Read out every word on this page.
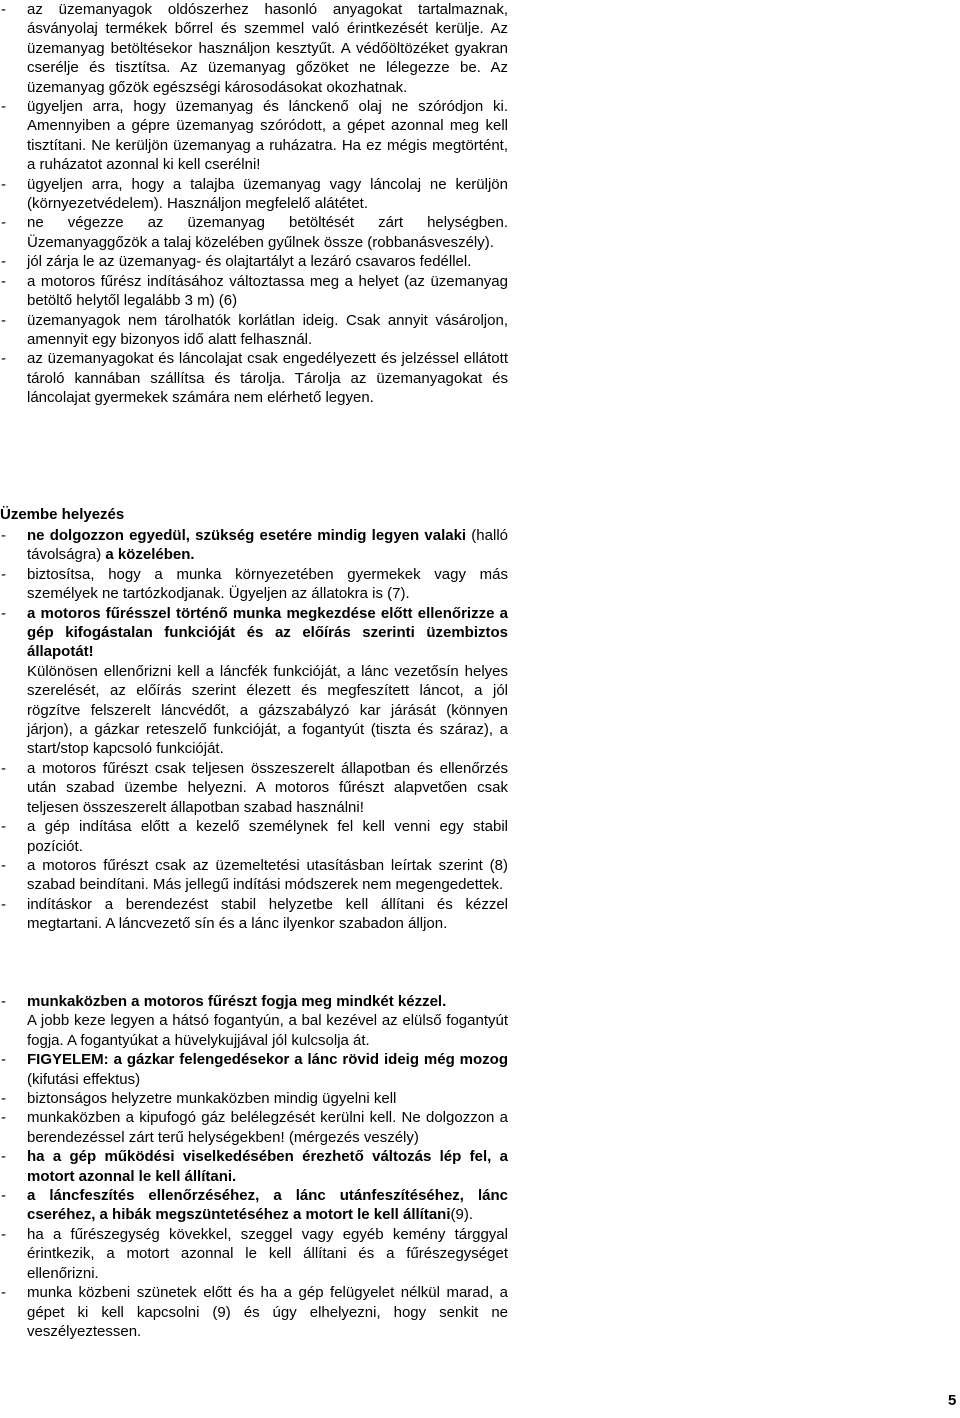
- az üzemanyagok oldószerhez hasonló anyagokat tartalmaznak, ásványolaj termékek bőrrel és szemmel való érintkezését kerülje. Az üzemanyag betöltésekor használjon kesztyűt. A védőöltözéket gyakran cserélje és tisztítsa. Az üzemanyag gőzöket ne lélegezze be. Az üzemanyag gőzök egészségi károsodásokat okozhatnak.

- ügyeljen arra, hogy üzemanyag és lánckenő olaj ne szóródjon ki. Amennyiben a gépre üzemanyag szóródott, a gépet azonnal meg kell tisztítani. Ne kerüljön üzemanyag a ruházatra. Ha ez mégis megtörtént, a ruházatot azonnal ki kell cserélni!

- ügyeljen arra, hogy a talajba üzemanyag vagy láncolaj ne kerüljön (környezetvédelem). Használjon megfelelő alátétet.

- ne végezze az üzemanyag betöltését zárt helységben. Üzemanyaggőzök a talaj közelében gyűlnek össze (robbanásveszély).

- jól zárja le az üzemanyag- és olajtartályt a lezáró csavaros fedéllel.

- a motoros fűrész indításához változtassa meg a helyet (az üzemanyag betöltő helytől legalább 3 m) (6)

- üzemanyagok nem tárolhatók korlátlan ideig. Csak annyit vásároljon, amennyit egy bizonyos idő alatt felhasznál.

- az üzemanyagokat és láncolajat csak engedélyezett és jelzéssel ellátott tároló kannában szállítsa és tárolja. Tárolja az üzemanyagokat és láncolajat gyermekek számára nem elérhető legyen.

Üzembe helyezés

- ne dolgozzon egyedül, szükség esetére mindig legyen valaki (halló távolságra) a közelében.

- biztosítsa, hogy a munka környezetében gyermekek vagy más személyek ne tartózkodjanak. Ügyeljen az állatokra is (7).

- a motoros fűrésszel történő munka megkezdése előtt ellenőrizze a gép kifogástalan funkcióját és az előírás szerinti üzembiztos állapotát!

Különösen ellenőrizni kell a láncfék funkcióját, a lánc vezetősín helyes szerelését, az előírás szerint élezett és megfeszített láncot, a jól rögzítve felszerelt láncvédőt, a gázszabályzó kar járását (könnyen járjon), a gázkar reteszelő funkcióját, a fogantyút (tiszta és száraz), a start/stop kapcsoló funkcióját.

- a motoros fűrészt csak teljesen összeszerelt állapotban és ellenőrzés után szabad üzembe helyezni. A motoros fűrészt alapvetően csak teljesen összeszerelt állapotban szabad használni!

- a gép indítása előtt a kezelő személynek fel kell venni egy stabil pozíciót.

- a motoros fűrészt csak az üzemeltetési utasításban leírtak szerint (8) szabad beindítani. Más jellegű indítási módszerek nem megengedettek.

- indításkor a berendezést stabil helyzetbe kell állítani és kézzel megtartani. A láncvezető sín és a lánc ilyenkor szabadon álljon.

- munkaközben a motoros fűrészt fogja meg mindkét kézzel.

A jobb keze legyen a hátsó fogantyún, a bal kezével az elülső fogantyút fogja. A fogantyúkat a hüvelykujjával jól kulcsolja át.

- FIGYELEM: a gázkar felengedésekor a lánc rövid ideig még mozog (kifutási effektus)

- biztonságos helyzetre munkaközben mindig ügyelni kell

- munkaközben a kipufogó gáz belélegzését kerülni kell. Ne dolgozzon a berendezéssel zárt terű helységekben! (mérgezés veszély)

- ha a gép működési viselkedésében érezhető változás lép fel, a motort azonnal le kell állítani.

- a láncfeszítés ellenőrzéséhez, a lánc utánfeszítéséhez, lánc cseréhez, a hibák megszüntetéséhez a motort le kell állítani(9).

- ha a fűrészegység kövekkel, szeggel vagy egyéb kemény tárggyal érintkezik, a motort azonnal le kell állítani és a fűrészegységet ellenőrizni.

- munka közbeni szünetek előtt és ha a gép felügyelet nélkül marad, a gépet ki kell kapcsolni (9) és úgy elhelyezni, hogy senkit ne veszélyeztessen.

5
